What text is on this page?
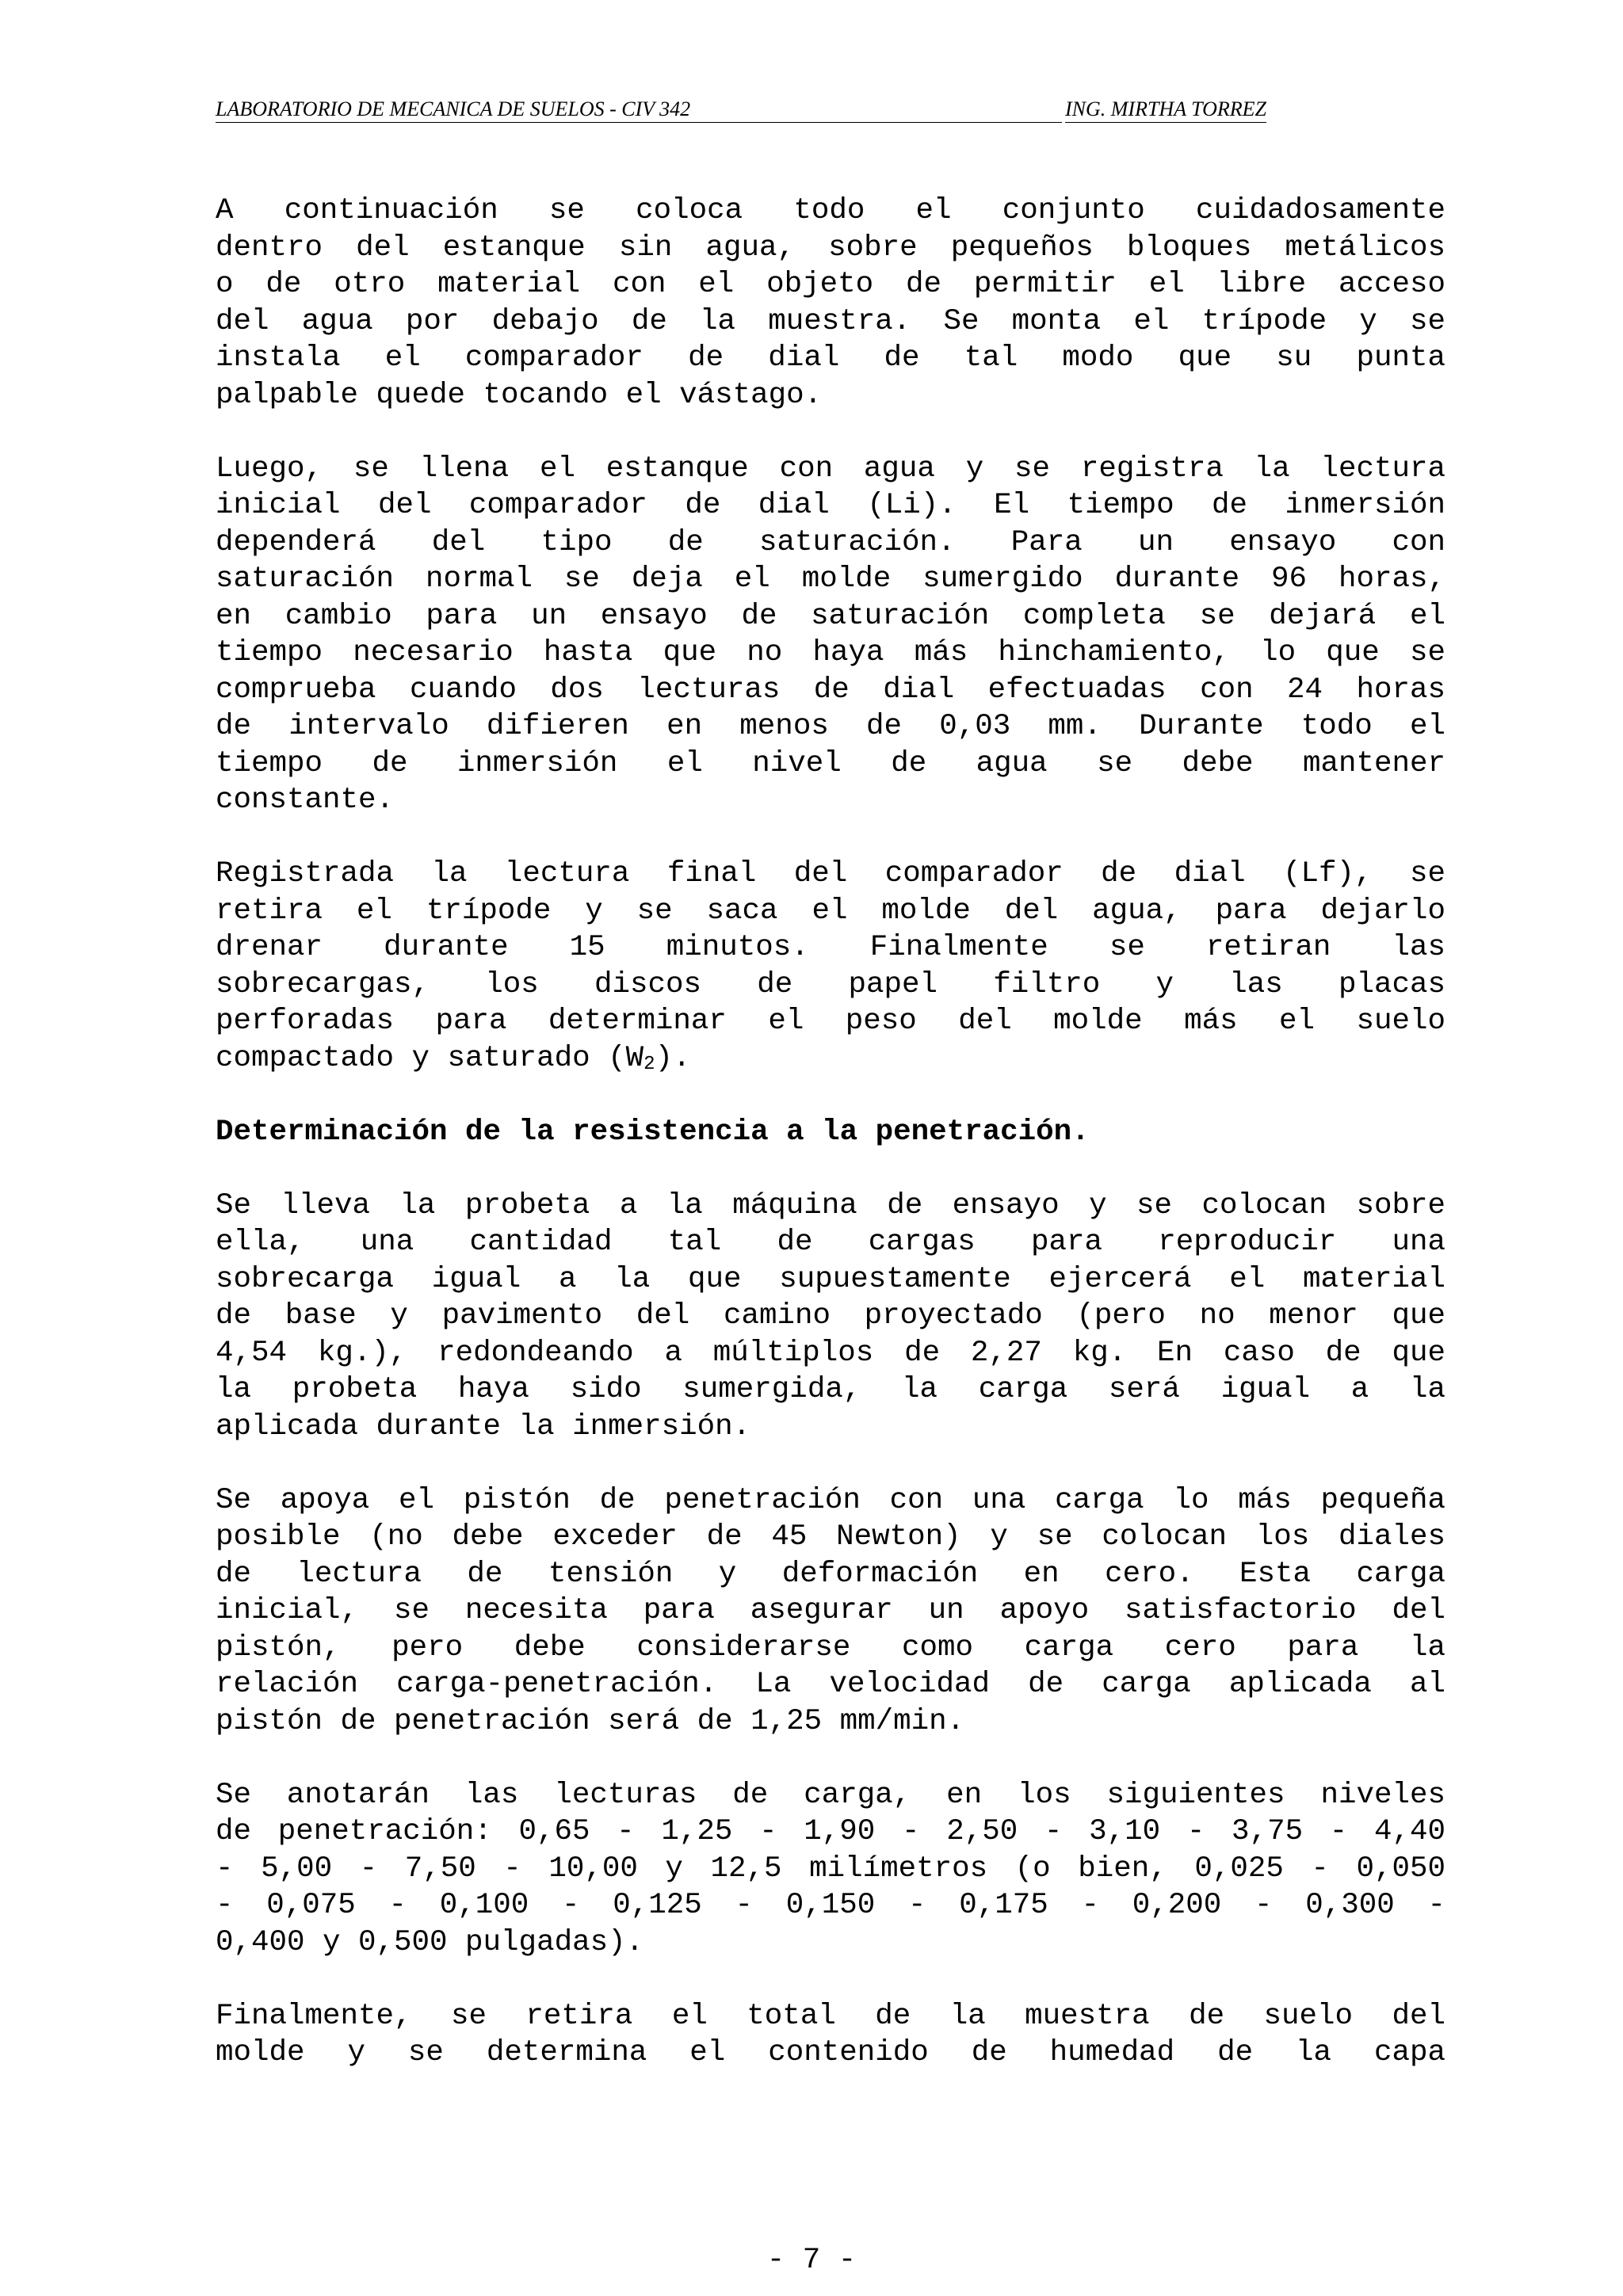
LABORATORIO DE MECANICA DE SUELOS - CIV 342	ING. MIRTHA TORREZ

A continuación se coloca todo el conjunto cuidadosamente
dentro del estanque sin agua, sobre pequeños bloques metálicos
o de otro material con el objeto de permitir el libre acceso
del agua por debajo de la muestra. Se monta el trípode y se
instala el comparador de dial de tal modo que su punta
palpable quede tocando el vástago.

Luego, se llena el estanque con agua y se registra la lectura
inicial del comparador de dial (Li). El tiempo de inmersión
dependerá del tipo de saturación. Para un ensayo con
saturación normal se deja el molde sumergido durante 96 horas,
en cambio para un ensayo de saturación completa se dejará el
tiempo necesario hasta que no haya más hinchamiento, lo que se
comprueba cuando dos lecturas de dial efectuadas con 24 horas
de intervalo difieren en menos de 0,03 mm. Durante todo el
tiempo de inmersión el nivel de agua se debe mantener
constante.

Registrada la lectura final del comparador de dial (Lf), se
retira el trípode y se saca el molde del agua, para dejarlo
drenar durante 15 minutos. Finalmente se retiran las
sobrecargas, los discos de papel filtro y las placas
perforadas para determinar el peso del molde más el suelo
compactado y saturado $(W_2)$.

Determinación de la resistencia a la penetración.

Se lleva la probeta a la máquina de ensayo y se colocan sobre
ella, una cantidad tal de cargas para reproducir una
sobrecarga igual a la que supuestamente ejercerá el material
de base y pavimento del camino proyectado (pero no menor que
4,54 kg.), redondeando a múltiplos de 2,27 kg. En caso de que
la probeta haya sido sumergida, la carga será igual a la
aplicada durante la inmersión.

Se apoya el pistón de penetración con una carga lo más pequeña
posible (no debe exceder de 45 Newton) y se colocan los diales
de lectura de tensión y deformación en cero. Esta carga
inicial, se necesita para asegurar un apoyo satisfactorio del
pistón, pero debe considerarse como carga cero para la
relación carga-penetración. La velocidad de carga aplicada al
pistón de penetración será de 1,25 mm/min.

Se anotarán las lecturas de carga, en los siguientes niveles
de penetración: 0,65 - 1,25 - 1,90 - 2,50 - 3,10 - 3,75 - 4,40
- 5,00 - 7,50 - 10,00 y 12,5 milímetros (o bien, 0,025 - 0,050
- 0,075 - 0,100 - 0,125 - 0,150 - 0,175 - 0,200 - 0,300 -
0,400 y 0,500 pulgadas).

Finalmente, se retira el total de la muestra de suelo del
molde y se determina el contenido de humedad de la capa

- 7 -
